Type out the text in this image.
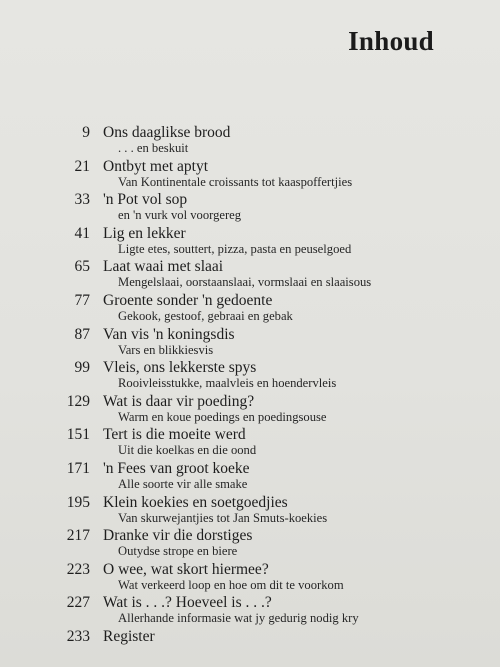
Inhoud
9 Ons daaglikse brood
. . . en beskuit
21 Ontbyt met aptyt
Van Kontinentale croissants tot kaaspoffertjies
33 'n Pot vol sop
en 'n vurk vol voorgereg
41 Lig en lekker
Ligte etes, souttert, pizza, pasta en peuselgoed
65 Laat waai met slaai
Mengelslaai, oorstaanslaai, vormslaai en slaaisous
77 Groente sonder 'n gedoente
Gekook, gestoof, gebraai en gebak
87 Van vis 'n koningsdis
Vars en blikkiesvis
99 Vleis, ons lekkerste spys
Rooivleisstukke, maalvleis en hoendervleis
129 Wat is daar vir poeding?
Warm en koue poedings en poedingsouse
151 Tert is die moeite werd
Uit die koelkas en die oond
171 'n Fees van groot koeke
Alle soorte vir alle smake
195 Klein koekies en soetgoedjies
Van skurwejantjies tot Jan Smuts-koekies
217 Dranke vir die dorstiges
Outydse strope en biere
223 O wee, wat skort hiermee?
Wat verkeerd loop en hoe om dit te voorkom
227 Wat is . . .? Hoeveel is . . .?
Allerhande informasie wat jy gedurig nodig kry
233 Register
